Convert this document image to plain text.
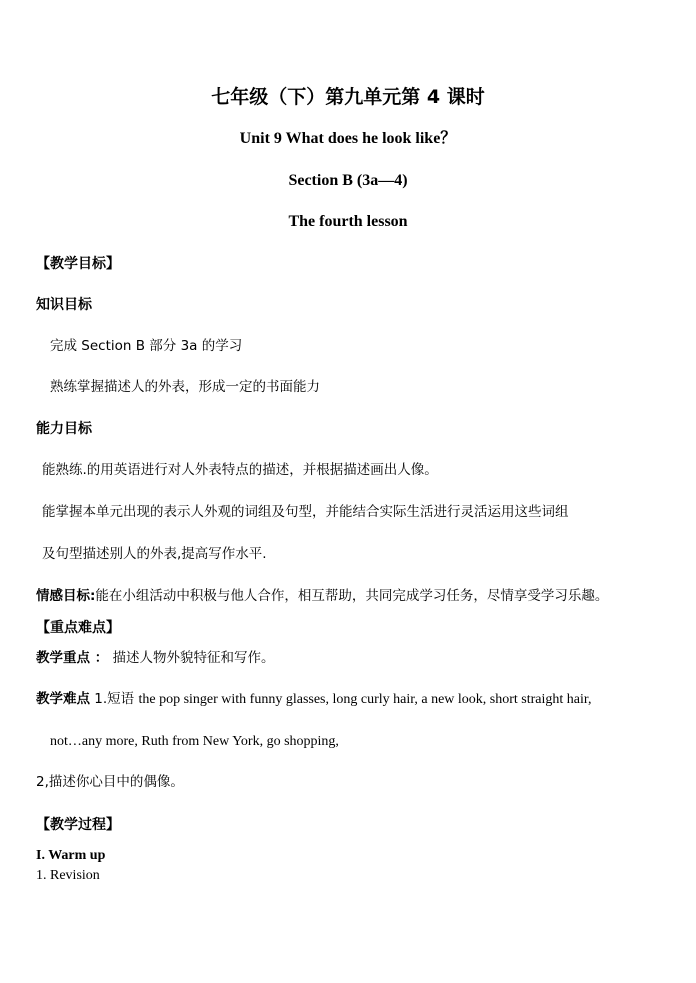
七年级（下）第九单元第 4 课时
Unit 9 What does he look like？
Section B (3a—4)
The fourth lesson
【教学目标】
知识目标
完成 Section B 部分 3a 的学习
熟练掌握描述人的外表，形成一定的书面能力
能力目标
能熟练.的用英语进行对人外表特点的描述，并根据描述画出人像。
能掌握本单元出现的表示人外观的词组及句型，并能结合实际生活进行灵活运用这些词组
及句型描述别人的外表,提高写作水平.
情感目标:能在小组活动中积极与他人合作，相互帮助，共同完成学习任务，尽情享受学习乐趣。
【重点难点】
教学重点 ： 描述人物外貌特征和写作。
教学难点 1.短语 the pop singer with funny glasses, long curly hair, a new look, short straight hair,
not…any more, Ruth from New York, go shopping,
2,描述你心目中的偶像。
【教学过程】
I. Warm up
1. Revision
